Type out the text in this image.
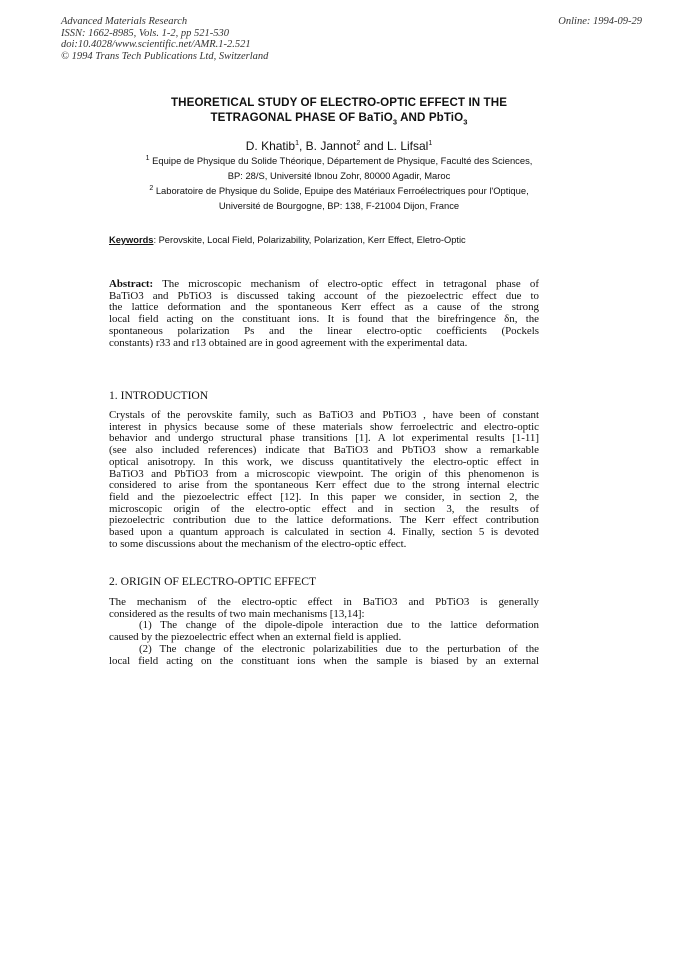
Advanced Materials Research
ISSN: 1662-8985, Vols. 1-2, pp 521-530
doi:10.4028/www.scientific.net/AMR.1-2.521
© 1994 Trans Tech Publications Ltd, Switzerland
Online: 1994-09-29
THEORETICAL STUDY OF ELECTRO-OPTIC EFFECT IN THE
TETRAGONAL PHASE OF BaTiO$_3$ AND PbTiO$_3$
D. Khatib$^1$, B. Jannot$^2$ and L. Lifsal$^1$
$^1$ Equipe de Physique du Solide Théorique, Département de Physique, Faculté des Sciences,
BP: 28/S, Université Ibnou Zohr, 80000 Agadir, Maroc
$^2$ Laboratoire de Physique du Solide, Epuipe des Matériaux Ferroélectriques pour l'Optique,
Université de Bourgogne, BP: 138, F-21004 Dijon, France
Keywords: Perovskite, Local Field, Polarizability, Polarization, Kerr Effect, Eletro-Optic
Abstract: The microscopic mechanism of electro-optic effect in tetragonal phase of
BaTiO3 and PbTiO3 is discussed taking account of the piezoelectric effect due to
the lattice deformation and the spontaneous Kerr effect as a cause of the strong
local field acting on the constituant ions. It is found that the birefringence δn, the
spontaneous polarization Ps and the linear electro-optic coefficients (Pockels
constants) r33 and r13 obtained are in good agreement with the experimental data.
1. INTRODUCTION
Crystals of the perovskite family, such as BaTiO3 and PbTiO3 , have been of constant
interest in physics because some of these materials show ferroelectric and electro-optic
behavior and undergo structural phase transitions [1]. A lot experimental results [1-11]
(see also included references) indicate that BaTiO3 and PbTiO3 show a remarkable
optical anisotropy. In this work, we discuss quantitatively the electro-optic effect in
BaTiO3 and PbTiO3 from a microscopic viewpoint. The origin of this phenomenon is
considered to arise from the spontaneous Kerr effect due to the strong internal electric
field and the piezoelectric effect [12]. In this paper we consider, in section 2, the
microscopic origin of the electro-optic effect and in section 3, the results of
piezoelectric contribution due to the lattice deformations. The Kerr effect contribution
based upon a quantum approach is calculated in section 4. Finally, section 5 is devoted
to some discussions about the mechanism of the electro-optic effect.
2. ORIGIN OF ELECTRO-OPTIC EFFECT
The mechanism of the electro-optic effect in BaTiO3 and PbTiO3 is generally
considered as the results of two main mechanisms [13,14]:
(1) The change of the dipole-dipole interaction due to the lattice deformation
caused by the piezoelectric effect when an external field is applied.
(2) The change of the electronic polarizabilities due to the perturbation of the
local field acting on the constituant ions when the sample is biased by an external
